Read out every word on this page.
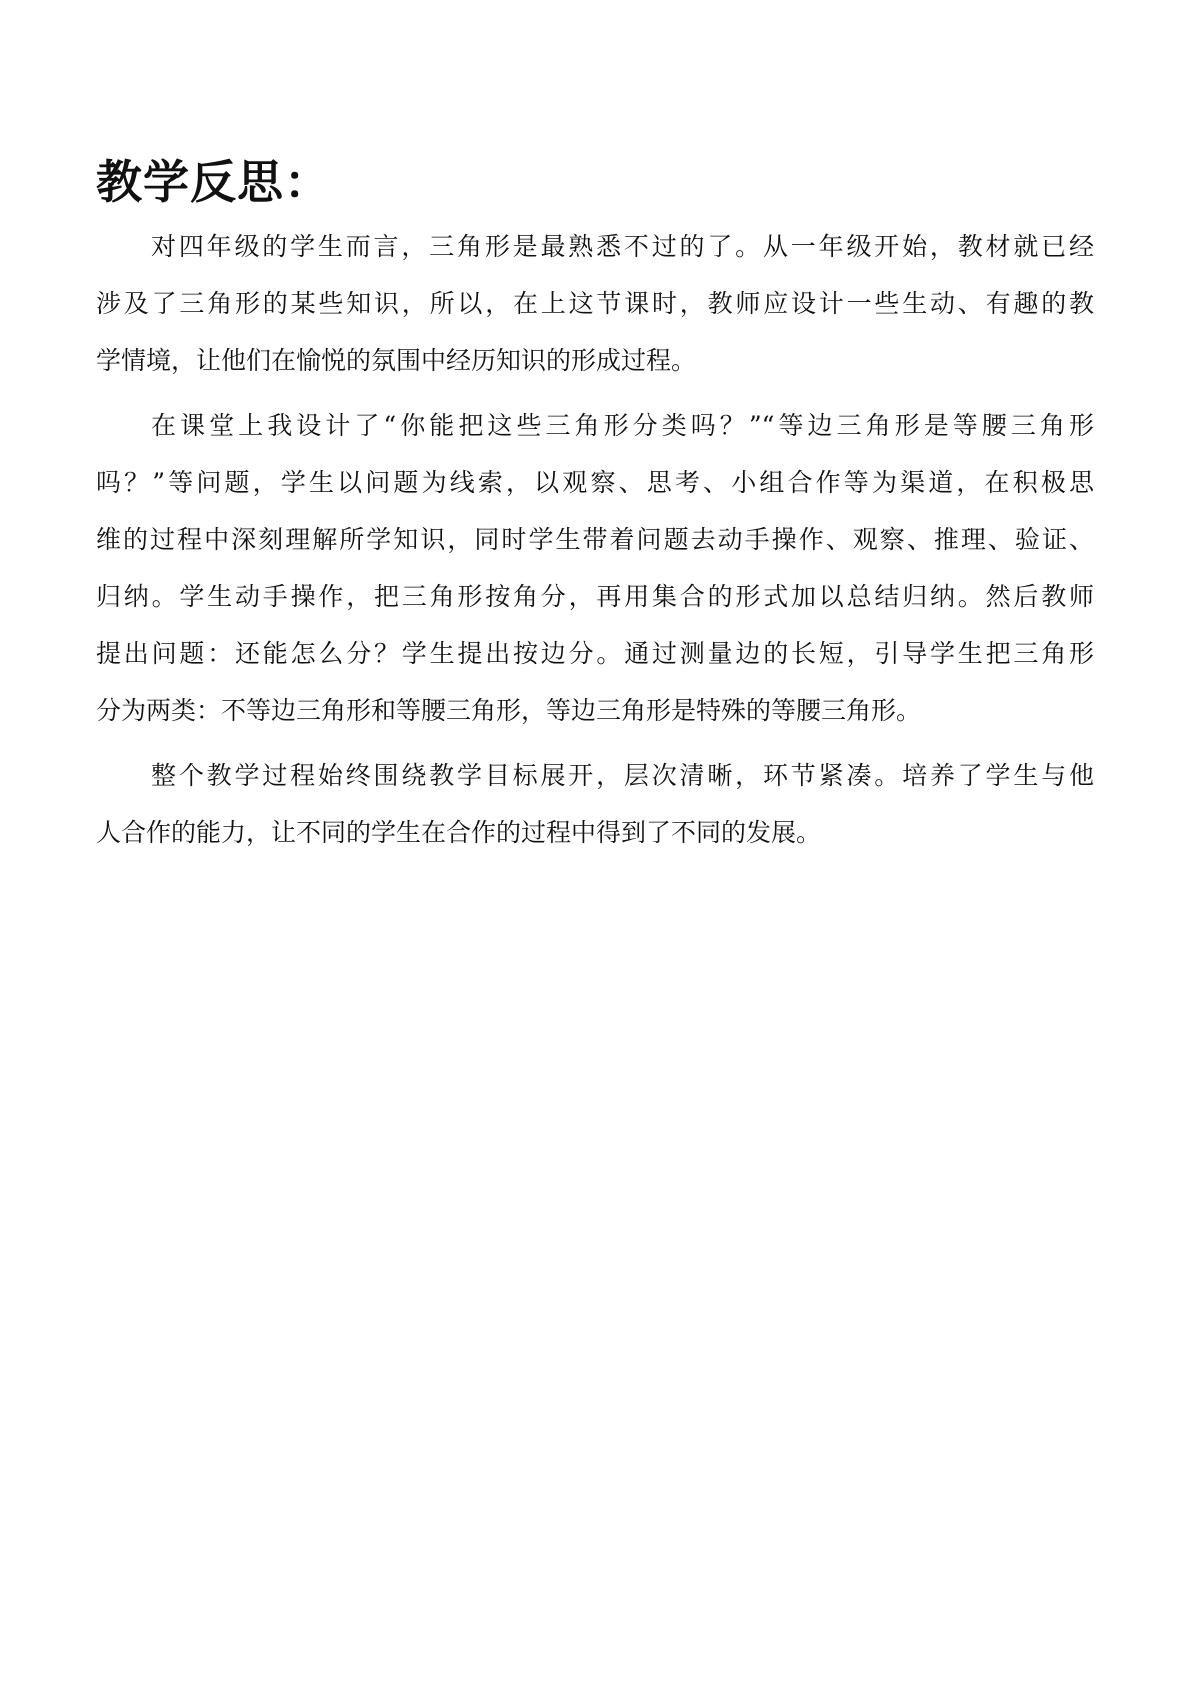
教学反思：

对四年级的学生而言，三角形是最熟悉不过的了。从一年级开始，教材就已经
涉及了三角形的某些知识，所以，在上这节课时，教师应设计一些生动、有趣的教
学情境，让他们在愉悦的氛围中经历知识的形成过程。

在课堂上我设计了“你能把这些三角形分类吗？”“等边三角形是等腰三角形
吗？”等问题，学生以问题为线索，以观察、思考、小组合作等为渠道，在积极思
维的过程中深刻理解所学知识，同时学生带着问题去动手操作、观察、推理、验证、
归纳。学生动手操作，把三角形按角分，再用集合的形式加以总结归纳。然后教师
提出问题：还能怎么分？学生提出按边分。通过测量边的长短，引导学生把三角形
分为两类：不等边三角形和等腰三角形，等边三角形是特殊的等腰三角形。

整个教学过程始终围绕教学目标展开，层次清晰，环节紧凑。培养了学生与他
人合作的能力，让不同的学生在合作的过程中得到了不同的发展。
